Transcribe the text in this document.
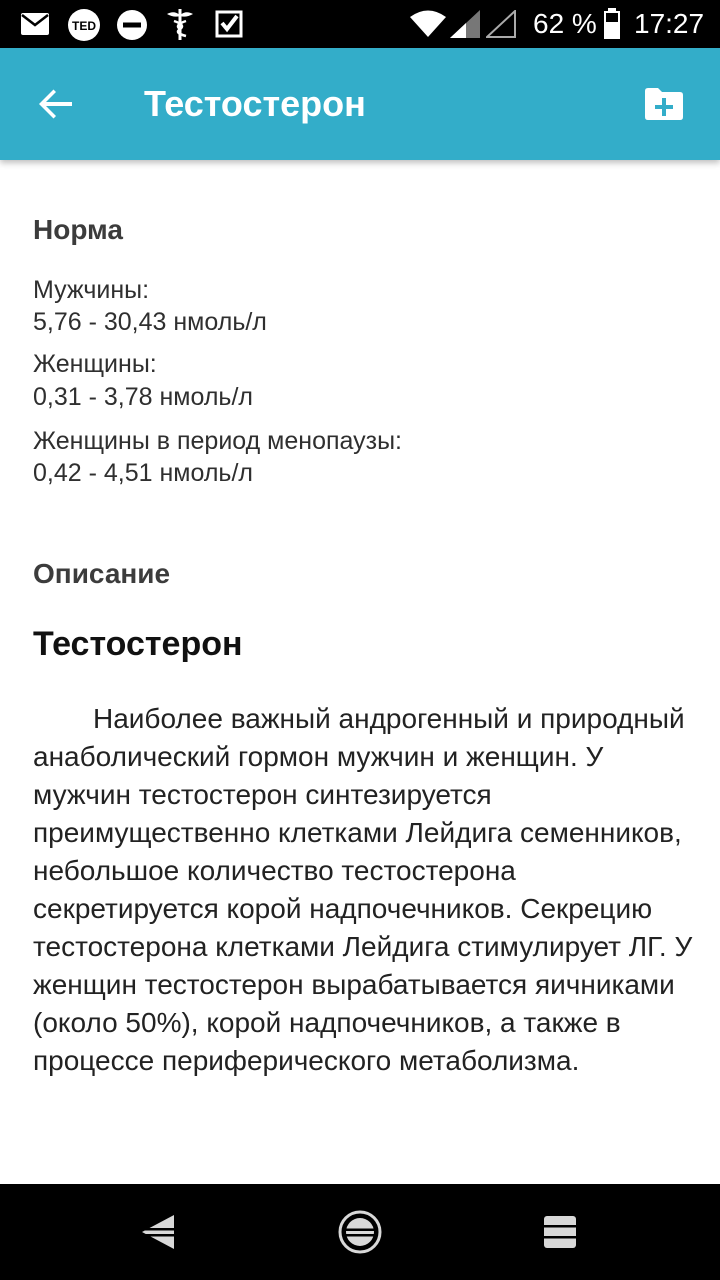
TED	62 % 17:27
Тестостерон
Норма
Мужчины:
5,76 - 30,43 нмоль/л
Женщины:
0,31 - 3,78 нмоль/л
Женщины в период менопаузы:
0,42 - 4,51 нмоль/л
Описание
Тестостерон

Наиболее важный андрогенный и природный анаболический гормон мужчин и женщин. У мужчин тестостерон синтезируется преимущественно клетками Лейдига семенников, небольшое количество тестостерона секретируется корой надпочечников. Секрецию тестостерона клетками Лейдига стимулирует ЛГ. У женщин тестостерон вырабатывается яичниками (около 50%), корой надпочечников, а также в процессе периферического метаболизма.
